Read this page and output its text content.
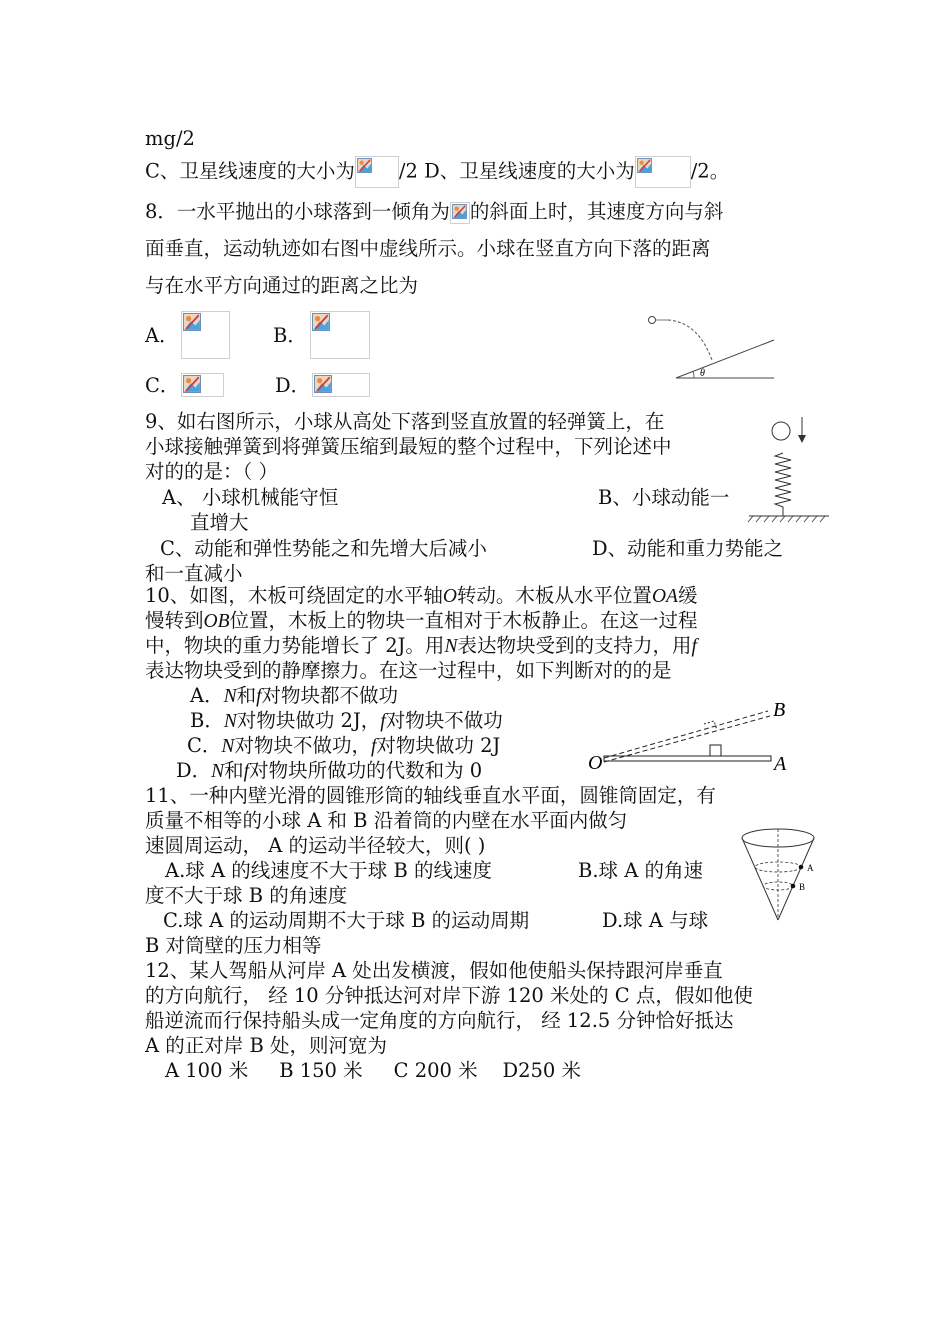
mg/2
C、卫星线速度的大小为 /2 D、卫星线速度的大小为	/2。
8．一水平抛出的小球落到一倾角为 的斜面上时，其速度方向与斜
面垂直，运动轨迹如右图中虚线所示。小球在竖直方向下落的距离
与在水平方向通过的距离之比为
A．	B．
C．	D．
θ
9、如右图所示，小球从高处下落到竖直放置的轻弹簧上，在
小球接触弹簧到将弹簧压缩到最短的整个过程中，下列论述中
对的的是：（ ）
A、 小球机械能守恒	B、小球动能一
直增大
C、动能和弹性势能之和先增大后减小	D、动能和重力势能之
和一直减小
10、如图，木板可绕固定的水平轴O转动。木板从水平位置OA缓
慢转到OB位置，木板上的物块一直相对于木板静止。在这一过程
中，物块的重力势能增长了 2J。用N表达物块受到的支持力，用f
表达物块受到的静摩擦力。在这一过程中，如下判断对的的是
A．N和f对物块都不做功
B．N对物块做功 2J，f对物块不做功
C．N对物块不做功，f对物块做功 2J
D．N和f对物块所做功的代数和为 0	O	A
B
11、一种内壁光滑的圆锥形筒的轴线垂直水平面，圆锥筒固定，有
质量不相等的小球 A 和 B 沿着筒的内壁在水平面内做匀
速圆周运动， A 的运动半径较大，则( )
A.球 A 的线速度不大于球 B 的线速度	B.球 A 的角速
度不大于球 B 的角速度
C.球 A 的运动周期不大于球 B 的运动周期	D.球 A 与球
B 对筒壁的压力相等
A
B
12、某人驾船从河岸 A 处出发横渡，假如他使船头保持跟河岸垂直
的方向航行， 经 10 分钟抵达河对岸下游 120 米处的 C 点，假如他使
船逆流而行保持船头成一定角度的方向航行， 经 12.5 分钟恰好抵达
A 的正对岸 B 处，则河宽为
A 100 米     B 150 米     C 200 米    D250 米
